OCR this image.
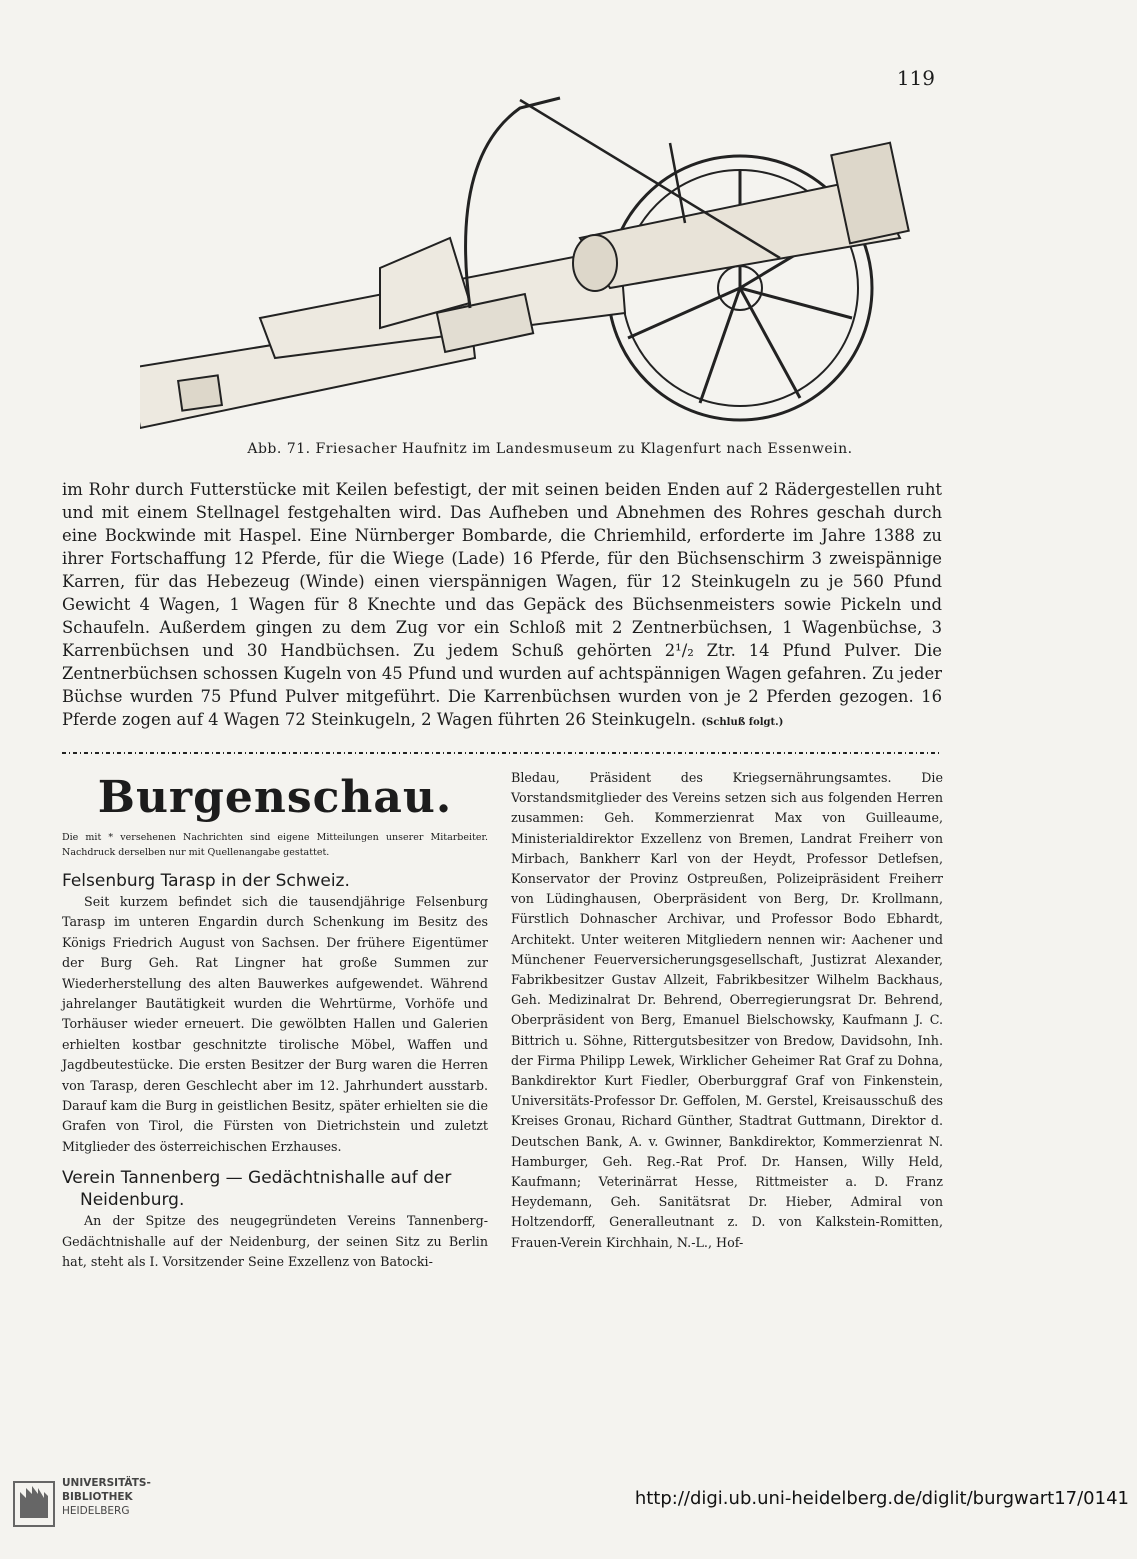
119
Abb. 71. Friesacher Haufnitz im Landesmuseum zu Klagenfurt nach Essenwein.

im Rohr durch Futterstücke mit Keilen befestigt, der mit seinen beiden Enden auf 2 Rädergestellen ruht und mit einem Stellnagel festgehalten wird. Das Aufheben und Abnehmen des Rohres geschah durch eine Bockwinde mit Haspel. Eine Nürnberger Bombarde, die Chriemhild, erforderte im Jahre 1388 zu ihrer Fortschaffung 12 Pferde, für die Wiege (Lade) 16 Pferde, für den Büchsenschirm 3 zweispännige Karren, für das Hebezeug (Winde) einen vierspännigen Wagen, für 12 Steinkugeln zu je 560 Pfund Gewicht 4 Wagen, 1 Wagen für 8 Knechte und das Gepäck des Büchsenmeisters sowie Pickeln und Schaufeln. Außerdem gingen zu dem Zug vor ein Schloß mit 2 Zentnerbüchsen, 1 Wagenbüchse, 3 Karrenbüchsen und 30 Handbüchsen. Zu jedem Schuß gehörten 2¹/₂ Ztr. 14 Pfund Pulver. Die Zentnerbüchsen schossen Kugeln von 45 Pfund und wurden auf achtspännigen Wagen gefahren. Zu jeder Büchse wurden 75 Pfund Pulver mitgeführt. Die Karrenbüchsen wurden von je 2 Pferden gezogen. 16 Pferde zogen auf 4 Wagen 72 Steinkugeln, 2 Wagen führten 26 Steinkugeln. (Schluß folgt.)

Burgenschau.
Die mit * versehenen Nachrichten sind eigene Mitteilungen unserer Mitarbeiter. Nachdruck derselben nur mit Quellenangabe gestattet.
Felsenburg Tarasp in der Schweiz.
Seit kurzem befindet sich die tausendjährige Felsenburg Tarasp im unteren Engardin durch Schenkung im Besitz des Königs Friedrich August von Sachsen. Der frühere Eigentümer der Burg Geh. Rat Lingner hat große Summen zur Wiederherstellung des alten Bauwerkes aufgewendet. Während jahrelanger Bautätigkeit wurden die Wehrtürme, Vorhöfe und Torhäuser wieder erneuert. Die gewölbten Hallen und Galerien erhielten kostbar geschnitzte tirolische Möbel, Waffen und Jagdbeutestücke. Die ersten Besitzer der Burg waren die Herren von Tarasp, deren Geschlecht aber im 12. Jahrhundert ausstarb. Darauf kam die Burg in geistlichen Besitz, später erhielten sie die Grafen von Tirol, die Fürsten von Dietrichstein und zuletzt Mitglieder des österreichischen Erzhauses.
Verein Tannenberg — Gedächtnishalle auf der Neidenburg.
An der Spitze des neugegründeten Vereins Tannenberg-Gedächtnishalle auf der Neidenburg, der seinen Sitz zu Berlin hat, steht als I. Vorsitzender Seine Exzellenz von Batocki-
Bledau, Präsident des Kriegsernährungsamtes. Die Vorstandsmitglieder des Vereins setzen sich aus folgenden Herren zusammen: Geh. Kommerzienrat Max von Guilleaume, Ministerialdirektor Exzellenz von Bremen, Landrat Freiherr von Mirbach, Bankherr Karl von der Heydt, Professor Detlefsen, Konservator der Provinz Ostpreußen, Polizeipräsident Freiherr von Lüdinghausen, Oberpräsident von Berg, Dr. Krollmann, Fürstlich Dohnascher Archivar, und Professor Bodo Ebhardt, Architekt. Unter weiteren Mitgliedern nennen wir: Aachener und Münchener Feuerversicherungsgesellschaft, Justizrat Alexander, Fabrikbesitzer Gustav Allzeit, Fabrikbesitzer Wilhelm Backhaus, Geh. Medizinalrat Dr. Behrend, Oberregierungsrat Dr. Behrend, Oberpräsident von Berg, Emanuel Bielschowsky, Kaufmann J. C. Bittrich u. Söhne, Rittergutsbesitzer von Bredow, Davidsohn, Inh. der Firma Philipp Lewek, Wirklicher Geheimer Rat Graf zu Dohna, Bankdirektor Kurt Fiedler, Oberburggraf Graf von Finkenstein, Universitäts-Professor Dr. Geffolen, M. Gerstel, Kreisausschuß des Kreises Gronau, Richard Günther, Stadtrat Guttmann, Direktor d. Deutschen Bank, A. v. Gwinner, Bankdirektor, Kommerzienrat N. Hamburger, Geh. Reg.-Rat Prof. Dr. Hansen, Willy Held, Kaufmann; Veterinärrat Hesse, Rittmeister a. D. Franz Heydemann, Geh. Sanitätsrat Dr. Hieber, Admiral von Holtzendorff, Generalleutnant z. D. von Kalkstein-Romitten, Frauen-Verein Kirchhain, N.-L., Hof-
UNIVERSITÄTS-
BIBLIOTHEK
HEIDELBERG
http://digi.ub.uni-heidelberg.de/diglit/burgwart17/0141
